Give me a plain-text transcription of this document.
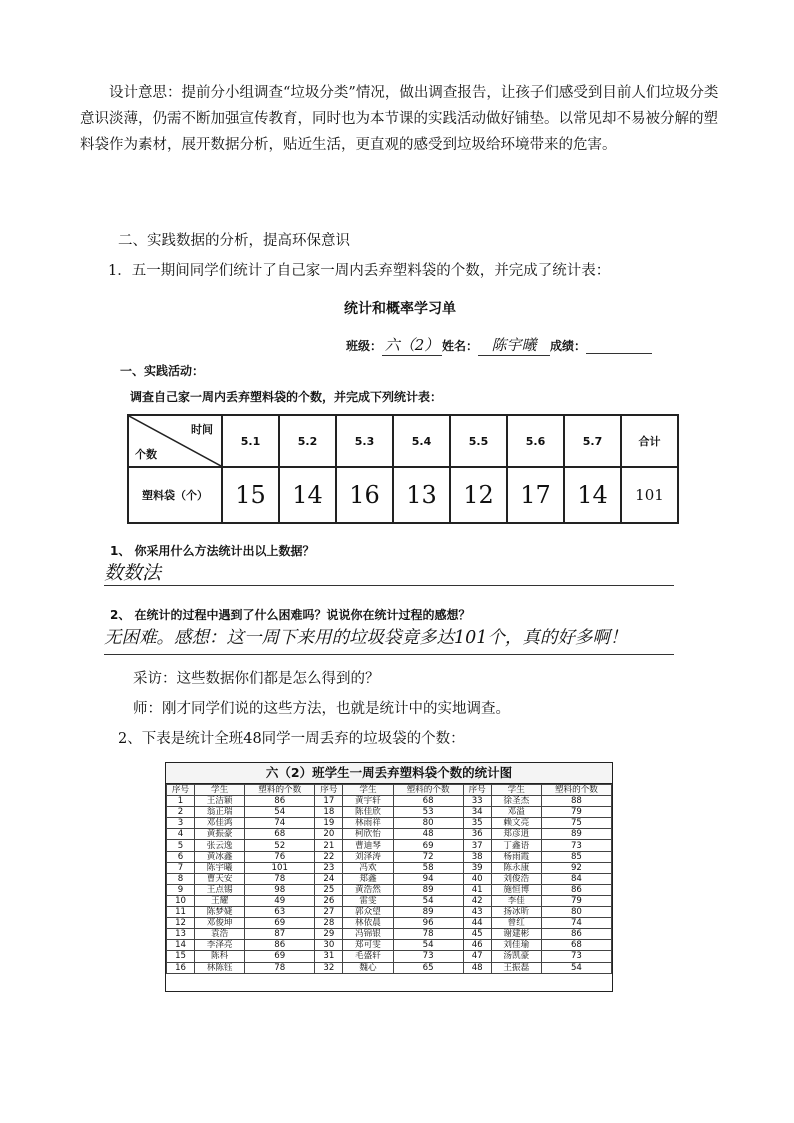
设计意思：提前分小组调查“垃圾分类”情况，做出调查报告，让孩子们感受到目前人们垃圾分类意识淡薄，仍需不断加强宣传教育，同时也为本节课的实践活动做好铺垫。以常见却不易被分解的塑料袋作为素材，展开数据分析，贴近生活，更直观的感受到垃圾给环境带来的危害。
二、实践数据的分析，提高环保意识
1．五一期间同学们统计了自己家一周内丢弃塑料袋的个数，并完成了统计表：
统计和概率学习单
班级： 六（2） 姓名： 陈宇曦 成绩：
一、实践活动：
调查自己家一周内丢弃塑料袋的个数，并完成下列统计表：
时间
个数	5.1	5.2	5.3	5.4	5.5	5.6	5.7	合计
塑料袋（个）	15	14	16	13	12	17	14	101
1、 你采用什么方法统计出以上数据？
数数法
2、 在统计的过程中遇到了什么困难吗？说说你在统计过程的感想？
无困难。感想：这一周下来用的垃圾袋竟多达101个，真的好多啊！
采访：这些数据你们都是怎么得到的？
师：刚才同学们说的这些方法，也就是统计中的实地调查。
2、下表是统计全班48同学一周丢弃的垃圾袋的个数：
六（2）班学生一周丢弃塑料袋个数的统计图
序号	学生	塑料的个数	序号	学生	塑料的个数	序号	学生	塑料的个数
1	王洁颖	86	17	黄宇轩	68	33	徐圣杰	88
2	翁正瑞	54	18	陈佳欣	53	34	邓溢	79
3	邓佳鸿	74	19	林雨祥	80	35	赖文亮	75
4	黄振豪	68	20	柯欣怡	48	36	郑彦逍	89
5	张云逸	52	21	曹迪琴	69	37	丁鑫语	73
6	黄冰鑫	76	22	刘泽涛	72	38	杨雨霞	85
7	陈宇曦	101	23	冯欢	58	39	陈永康	92
8	曹天安	78	24	郑鑫	94	40	刘俊浩	84
9	王点锡	98	25	黄浩然	89	41	施恒博	86
10	王耀	49	26	雷雯	54	42	李佳	79
11	陈梦婕	63	27	郭众望	89	43	扬冰昕	80
12	邓俊坤	69	28	林依晨	96	44	曾红	74
13	袁浩	87	29	冯锦银	78	45	谢建彬	86
14	李泽亮	86	30	郑可雯	54	46	刘佳瑜	68
15	陈科	69	31	毛盛轩	73	47	汤凯豪	73
16	林陈钰	78	32	魏心	65	48	王振磊	54
